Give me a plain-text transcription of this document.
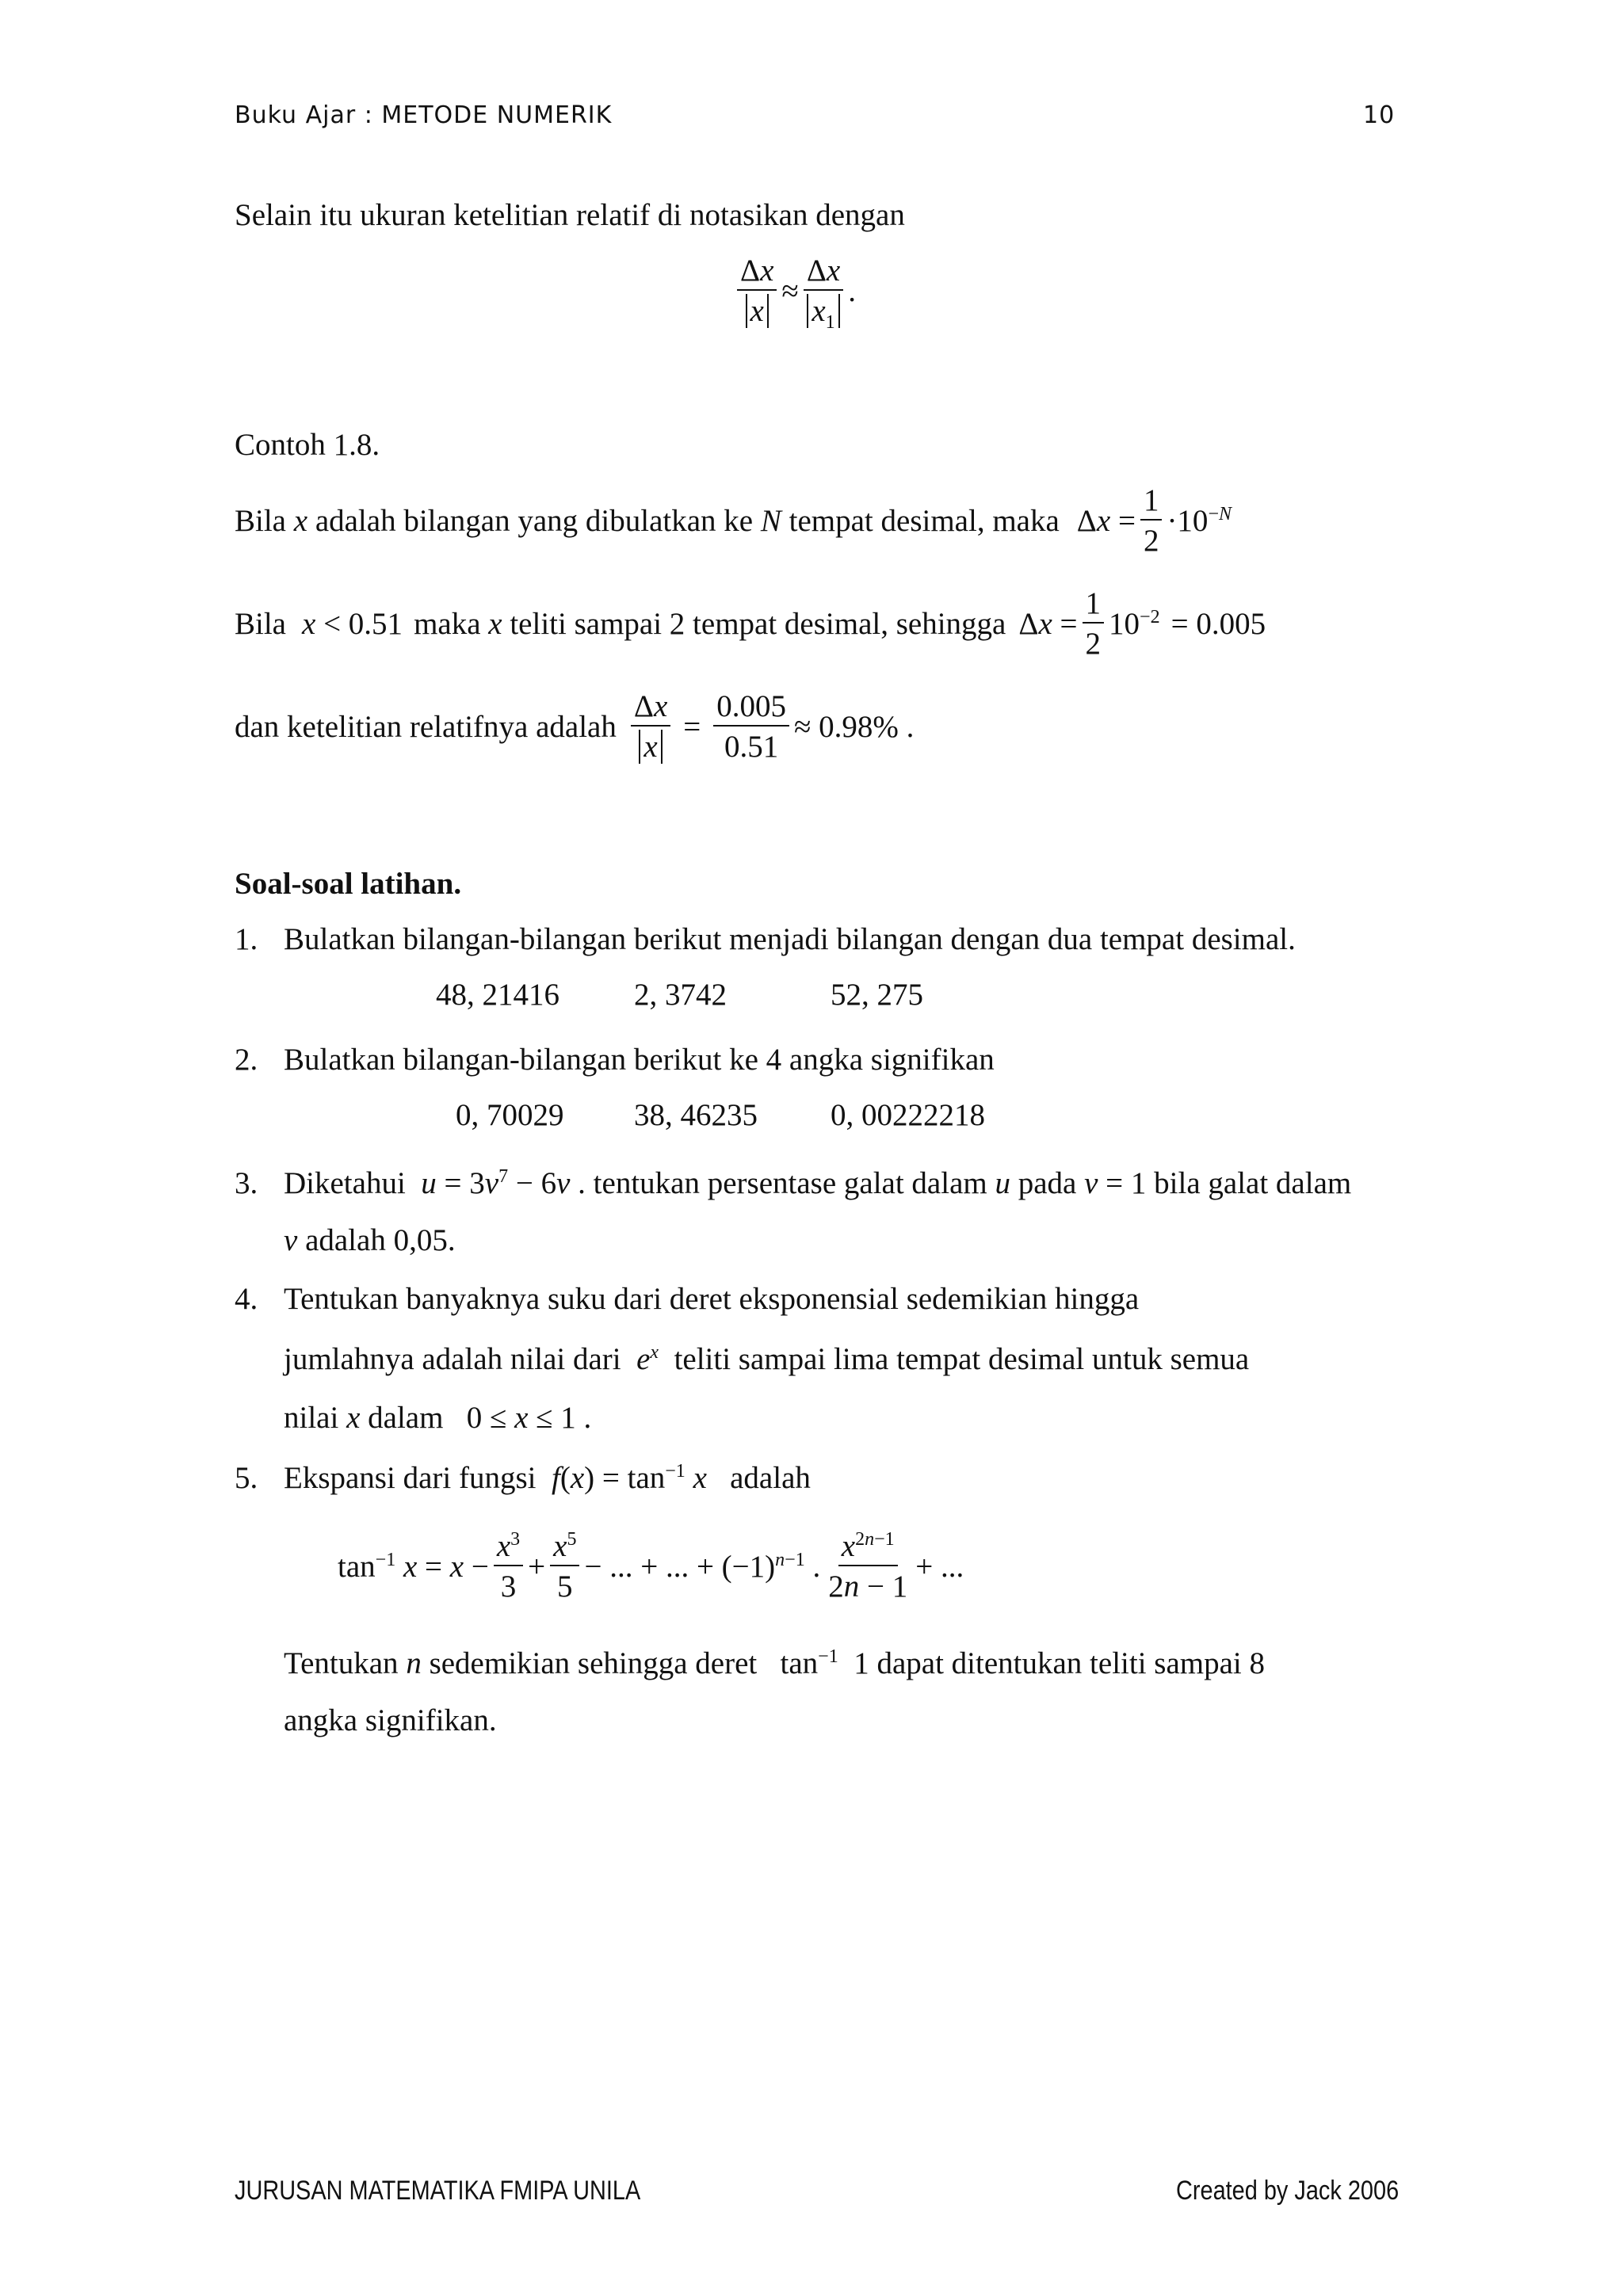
Buku Ajar : METODE NUMERIK	10
Selain itu ukuran ketelitian relatif di notasikan dengan
$\frac{\Delta x}{x} \approx \frac{\Delta x}{x_1}$ .
Contoh 1.8.
Bila
x
adalah bilangan yang dibulatkan ke
N
tempat desimal, maka $\Delta x = \frac{1}{2} \cdot 10^{-N}$
Bila x < 0.51 maka
x
teliti sampai 2 tempat desimal, sehingga $\Delta x = \frac{1}{2} 10^{-2} = 0.005$
dan ketelitian relatifnya adalah $\frac{\Delta x}{x} = \frac{0.005}{0.51} \approx 0.98\%$ .
Soal-soal latihan.
1. Bulatkan bilangan-bilangan berikut menjadi bilangan dengan dua tempat desimal.
48, 21416 2, 3742	52, 275
2. Bulatkan bilangan-bilangan berikut ke 4 angka signifikan
0, 70029 38, 46235 0, 00222218
3. Diketahui $u = 3v^7 - 6v$ . tentukan persentase galat dalam u pada v = 1 bila galat dalam
v adalah 0,05.
4. Tentukan banyaknya suku dari deret eksponensial sedemikian hingga
jumlahnya adalah nilai dari $e^x$ teliti sampai lima tempat desimal untuk semua
nilai x dalam   0 ≤ x ≤ 1 .
5. Ekspansi dari fungsi $f(x) = \tan^{-1} x$ adalah
$\tan^{-1} x = x - \frac{x^3}{3} + \frac{x^5}{5}$ − ... + ... + $(-1)^{n-1}$ . $\frac{x^{2n-1}}{2n - 1}$ + ...
Tentukan n sedemikian sehingga deret   $\tan^{-1} 1$ dapat ditentukan teliti sampai 8
angka signifikan.
JURUSAN MATEMATIKA FMIPA UNILA	Created by Jack 2006
